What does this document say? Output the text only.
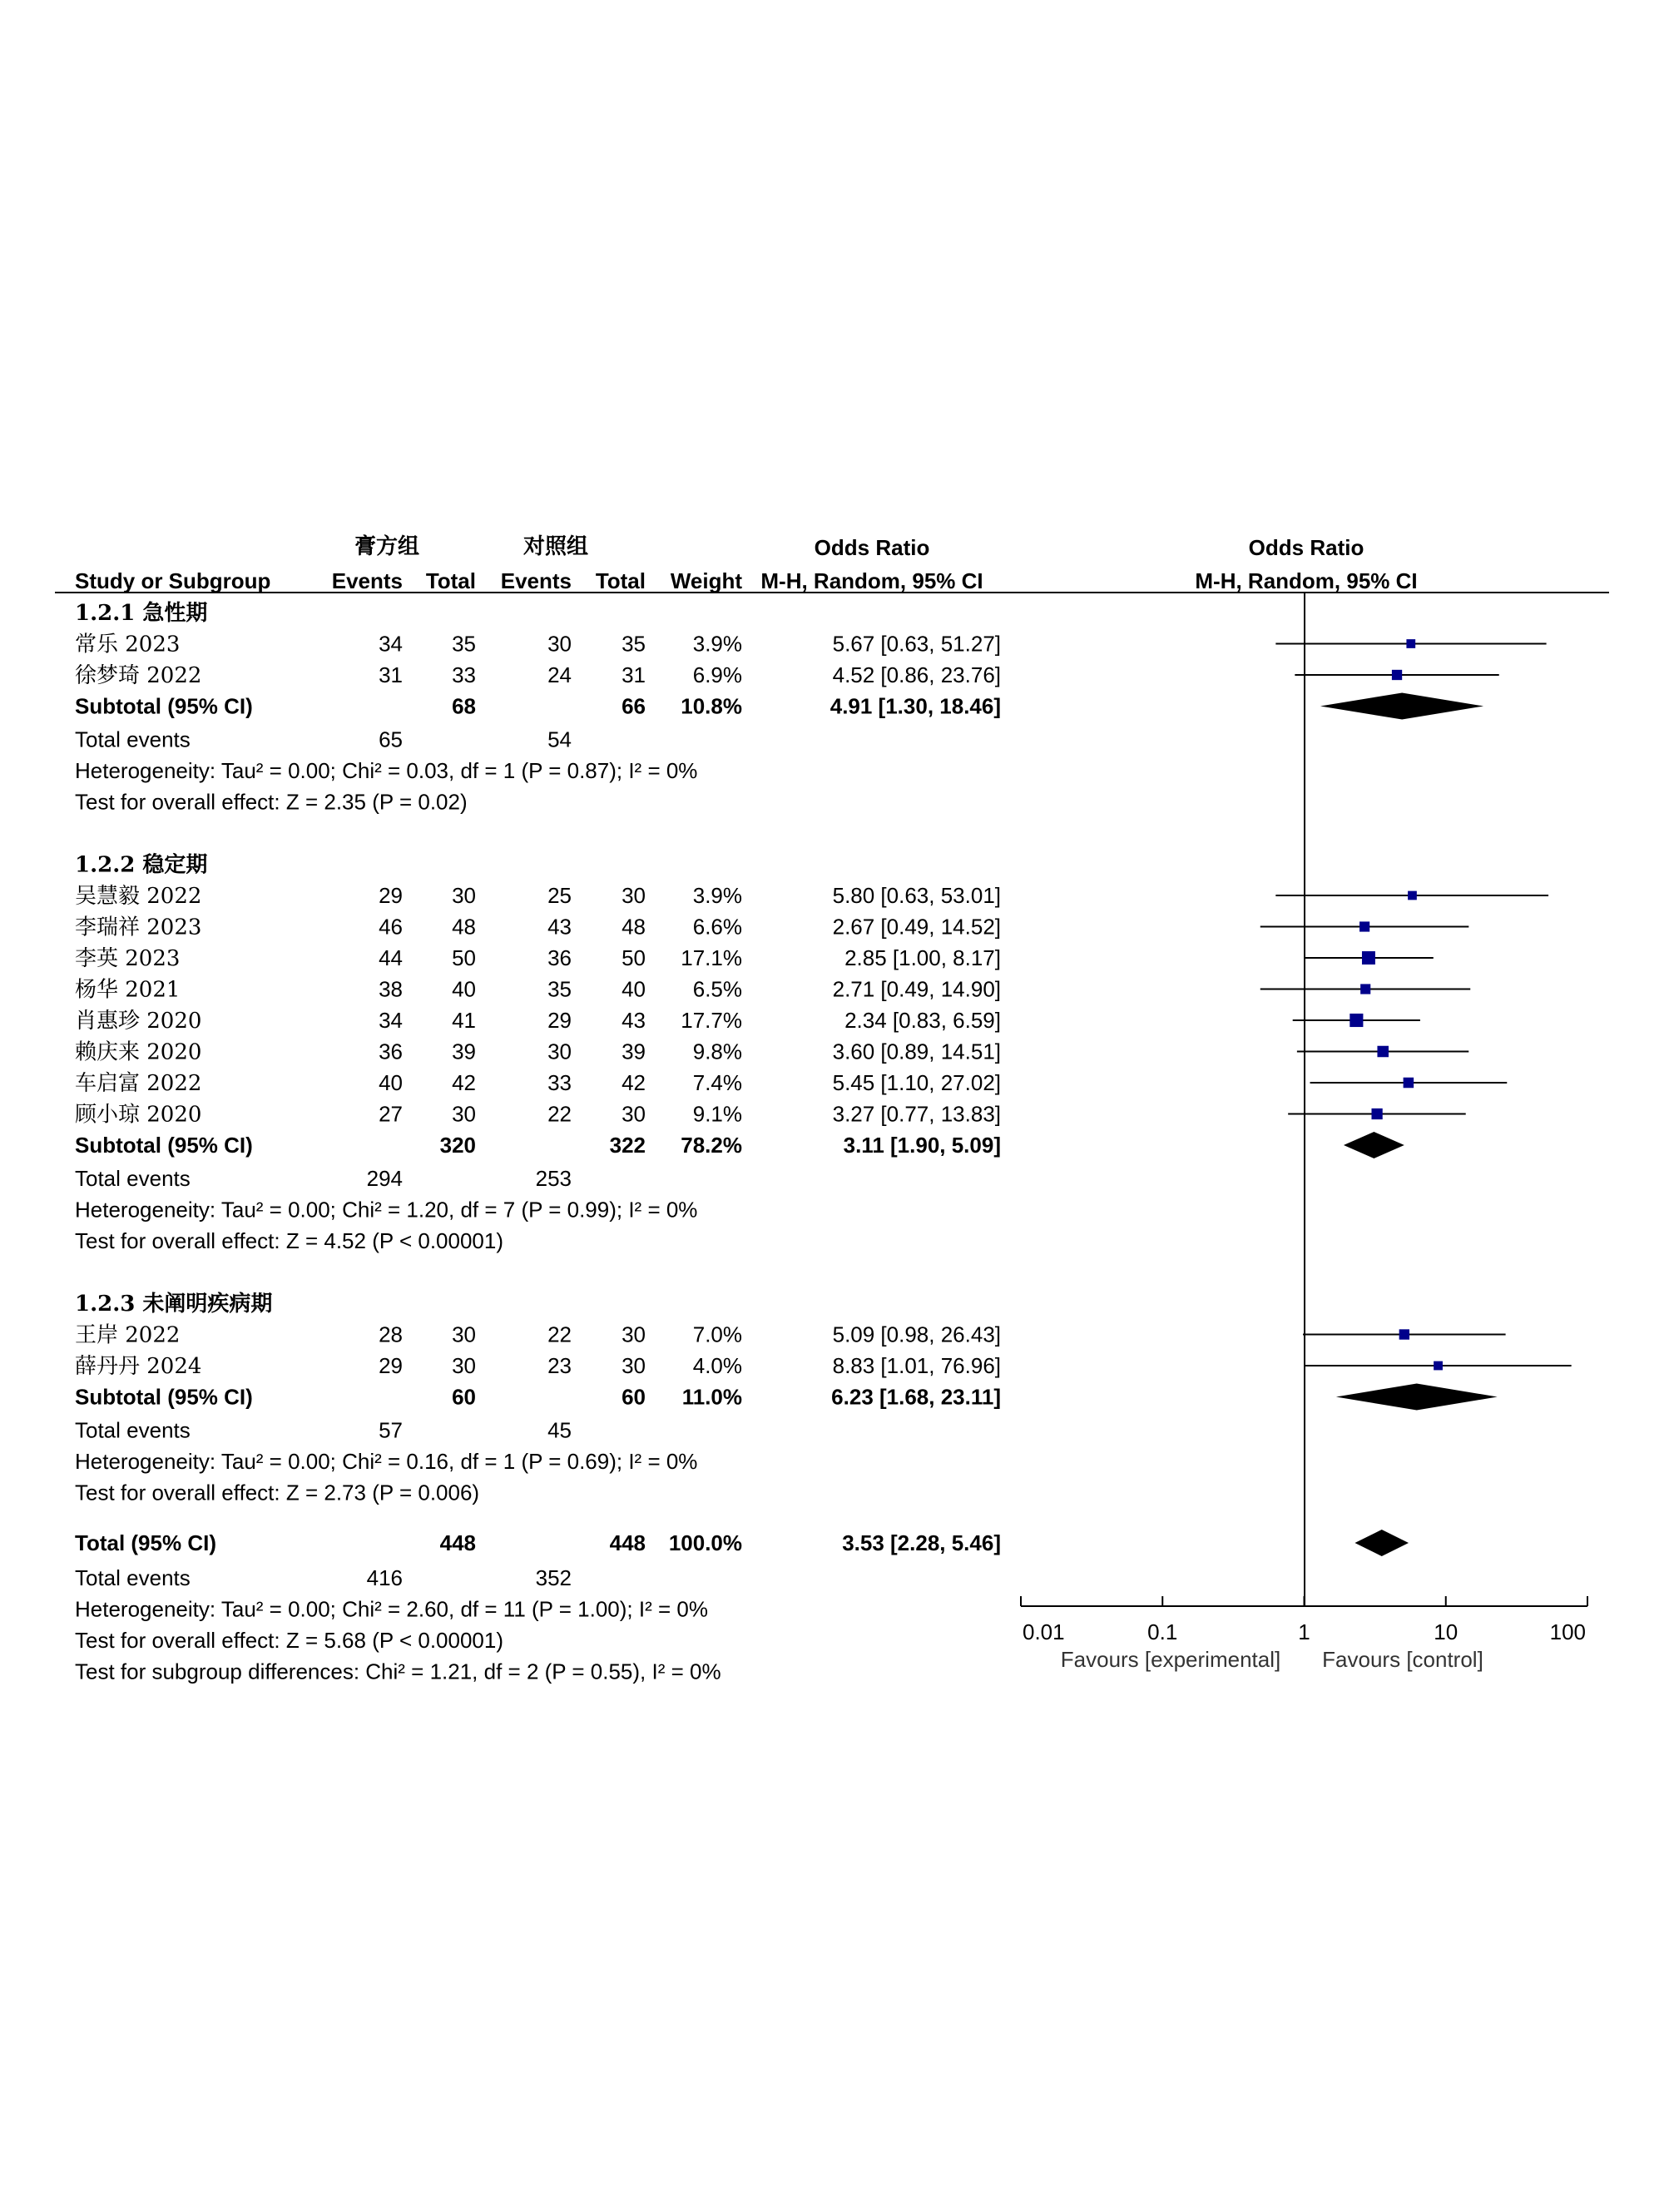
膏方组	对照组	Odds Ratio	Odds Ratio
Study or Subgroup	Events Total Events Total Weight M-H, Random, 95% CI	M-H, Random, 95% CI
1.2.1 急性期
常乐 2023	34 35	30 35 3.9%	5.67 [0.63, 51.27]
徐梦琦 2022	31 33	24 31 6.9%	4.52 [0.86, 23.76]
Subtotal (95% CI)	68	66 10.8%	4.91 [1.30, 18.46]
Total events	65	54
Heterogeneity: Tau² = 0.00; Chi² = 0.03, df = 1 (P = 0.87); I² = 0%
Test for overall effect: Z = 2.35 (P = 0.02)
1.2.2 稳定期
吴慧毅 2022	29 30	25 30 3.9%	5.80 [0.63, 53.01]
李瑞祥 2023	46 48	43 48 6.6%	2.67 [0.49, 14.52]
李英 2023	44 50	36 50 17.1%	2.85 [1.00, 8.17]
杨华 2021	38 40	35 40 6.5%	2.71 [0.49, 14.90]
肖惠珍 2020	34 41	29 43 17.7%	2.34 [0.83, 6.59]
赖庆来 2020	36 39	30 39 9.8%	3.60 [0.89, 14.51]
车启富 2022	40 42	33 42 7.4%	5.45 [1.10, 27.02]
顾小琼 2020	27 30	22 30 9.1%	3.27 [0.77, 13.83]
Subtotal (95% CI)	320	322 78.2%	3.11 [1.90, 5.09]
Total events	294	253
Heterogeneity: Tau² = 0.00; Chi² = 1.20, df = 7 (P = 0.99); I² = 0%
Test for overall effect: Z = 4.52 (P < 0.00001)
1.2.3 未阐明疾病期
王岸 2022	28 30	22 30 7.0%	5.09 [0.98, 26.43]
薛丹丹 2024	29 30	23 30 4.0%	8.83 [1.01, 76.96]
Subtotal (95% CI)	60	60 11.0%	6.23 [1.68, 23.11]
Total events	57	45
Heterogeneity: Tau² = 0.00; Chi² = 0.16, df = 1 (P = 0.69); I² = 0%
Test for overall effect: Z = 2.73 (P = 0.006)
Total (95% CI)	448	448 100.0%	3.53 [2.28, 5.46]
Total events	416	352
Heterogeneity: Tau² = 0.00; Chi² = 2.60, df = 11 (P = 1.00); I² = 0%
Test for overall effect: Z = 5.68 (P < 0.00001)
Test for subgroup differences: Chi² = 1.21, df = 2 (P = 0.55), I² = 0%	Favours [experimental] Favours [control]
0.01	0.1	1	10	100
